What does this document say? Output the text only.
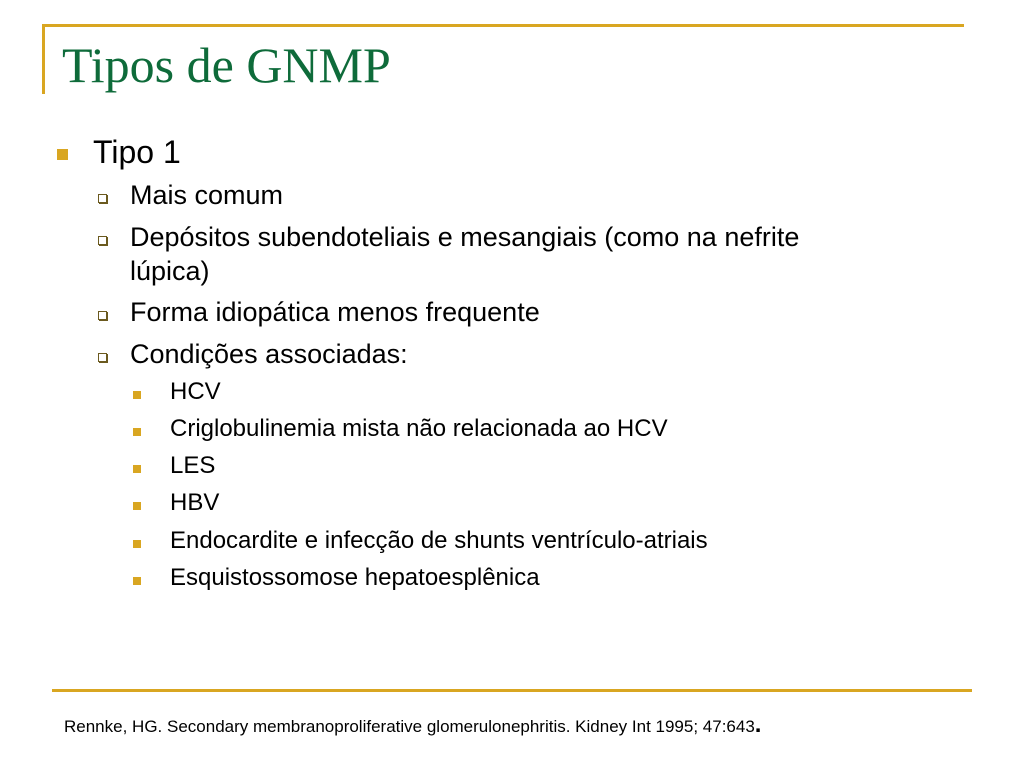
Tipos de GNMP
Tipo 1
Mais comum
Depósitos subendoteliais e mesangiais (como na nefrite
lúpica)
Forma idiopática menos frequente
Condições associadas:
HCV
Criglobulinemia mista não relacionada ao HCV
LES
HBV
Endocardite e infecção de shunts ventrículo-atriais
Esquistossomose hepatoesplênica
Rennke, HG. Secondary membranoproliferative glomerulonephritis. Kidney Int 1995; 47:643.
